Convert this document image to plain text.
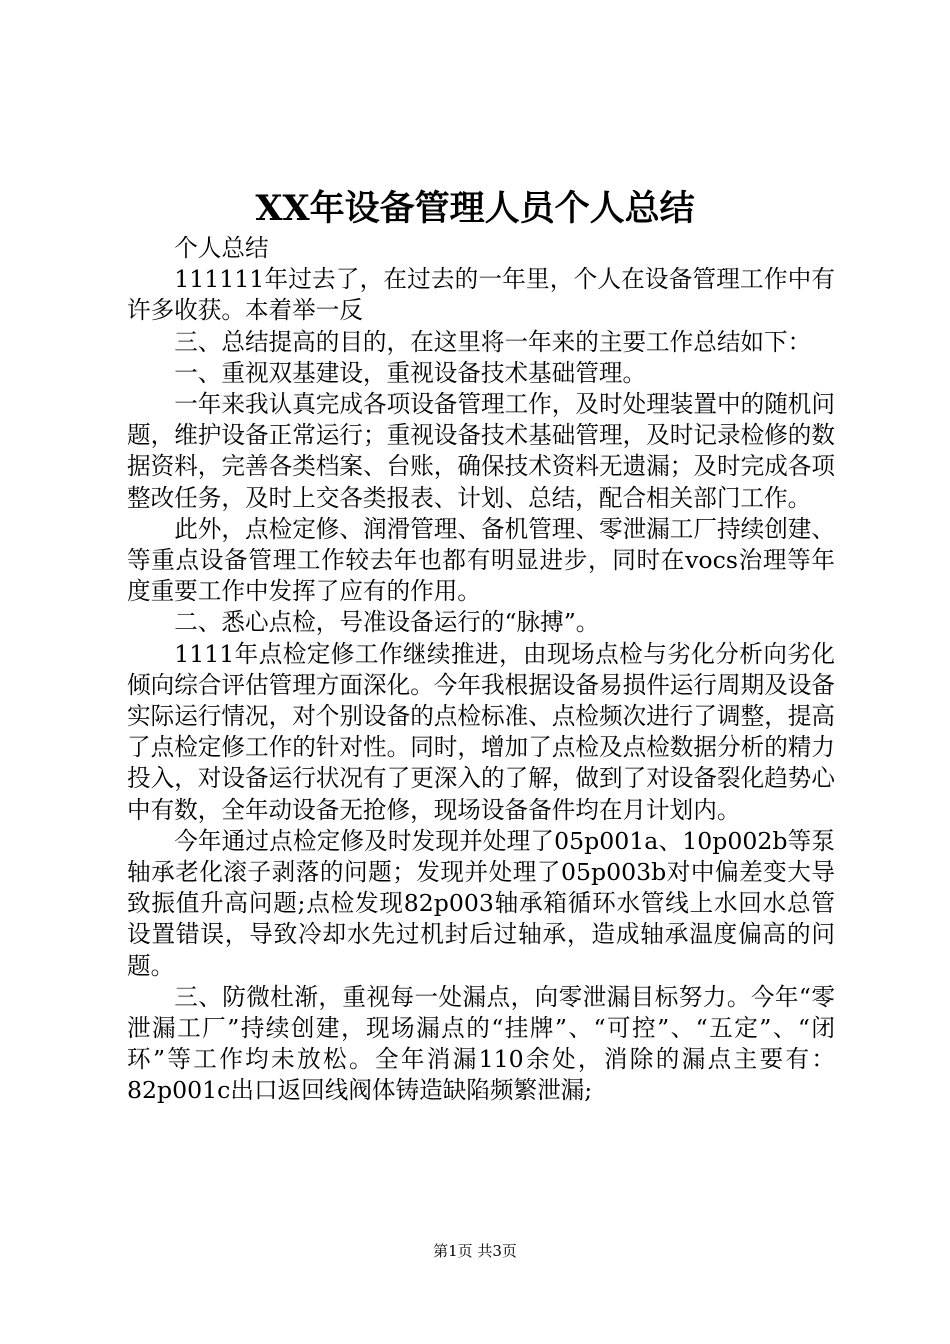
XX年设备管理人员个人总结

个人总结

111111年过去了，在过去的一年里，个人在设备管理工作中有许多收获。本着举一反

三、总结提高的目的，在这里将一年来的主要工作总结如下：

一、重视双基建设，重视设备技术基础管理。

一年来我认真完成各项设备管理工作，及时处理装置中的随机问题，维护设备正常运行；重视设备技术基础管理，及时记录检修的数据资料，完善各类档案、台账，确保技术资料无遗漏；及时完成各项整改任务，及时上交各类报表、计划、总结，配合相关部门工作。

此外，点检定修、润滑管理、备机管理、零泄漏工厂持续创建、等重点设备管理工作较去年也都有明显进步，同时在vocs治理等年度重要工作中发挥了应有的作用。

二、悉心点检，号准设备运行的“脉搏”。

1111年点检定修工作继续推进，由现场点检与劣化分析向劣化倾向综合评估管理方面深化。今年我根据设备易损件运行周期及设备实际运行情况，对个别设备的点检标准、点检频次进行了调整，提高了点检定修工作的针对性。同时，增加了点检及点检数据分析的精力投入，对设备运行状况有了更深入的了解，做到了对设备裂化趋势心中有数，全年动设备无抢修，现场设备备件均在月计划内。

今年通过点检定修及时发现并处理了05p001a、10p002b等泵轴承老化滚子剥落的问题；发现并处理了05p003b对中偏差变大导致振值升高问题;点检发现82p003轴承箱循环水管线上水回水总管设置错误，导致冷却水先过机封后过轴承，造成轴承温度偏高的问题。

三、防微杜渐，重视每一处漏点，向零泄漏目标努力。今年“零泄漏工厂”持续创建，现场漏点的“挂牌”、“可控”、“五定”、“闭环”等工作均未放松。全年消漏110余处，消除的漏点主要有：82p001c出口返回线阀体铸造缺陷频繁泄漏;

第1页 共3页
